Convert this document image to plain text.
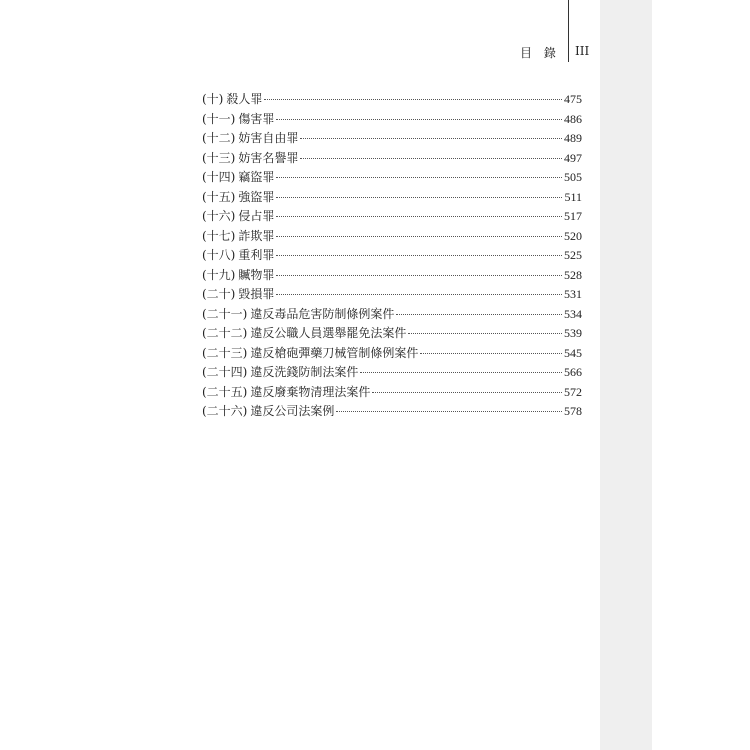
目 錄 III
(十) 殺人罪	475
(十一) 傷害罪	486
(十二) 妨害自由罪	489
(十三) 妨害名譽罪	497
(十四) 竊盜罪	505
(十五) 強盜罪	511
(十六) 侵占罪	517
(十七) 詐欺罪	520
(十八) 重利罪	525
(十九) 贓物罪	528
(二十) 毀損罪	531
(二十一) 違反毒品危害防制條例案件	534
(二十二) 違反公職人員選舉罷免法案件	539
(二十三) 違反槍砲彈藥刀械管制條例案件	545
(二十四) 違反洗錢防制法案件	566
(二十五) 違反廢棄物清理法案件	572
(二十六) 違反公司法案例	578
